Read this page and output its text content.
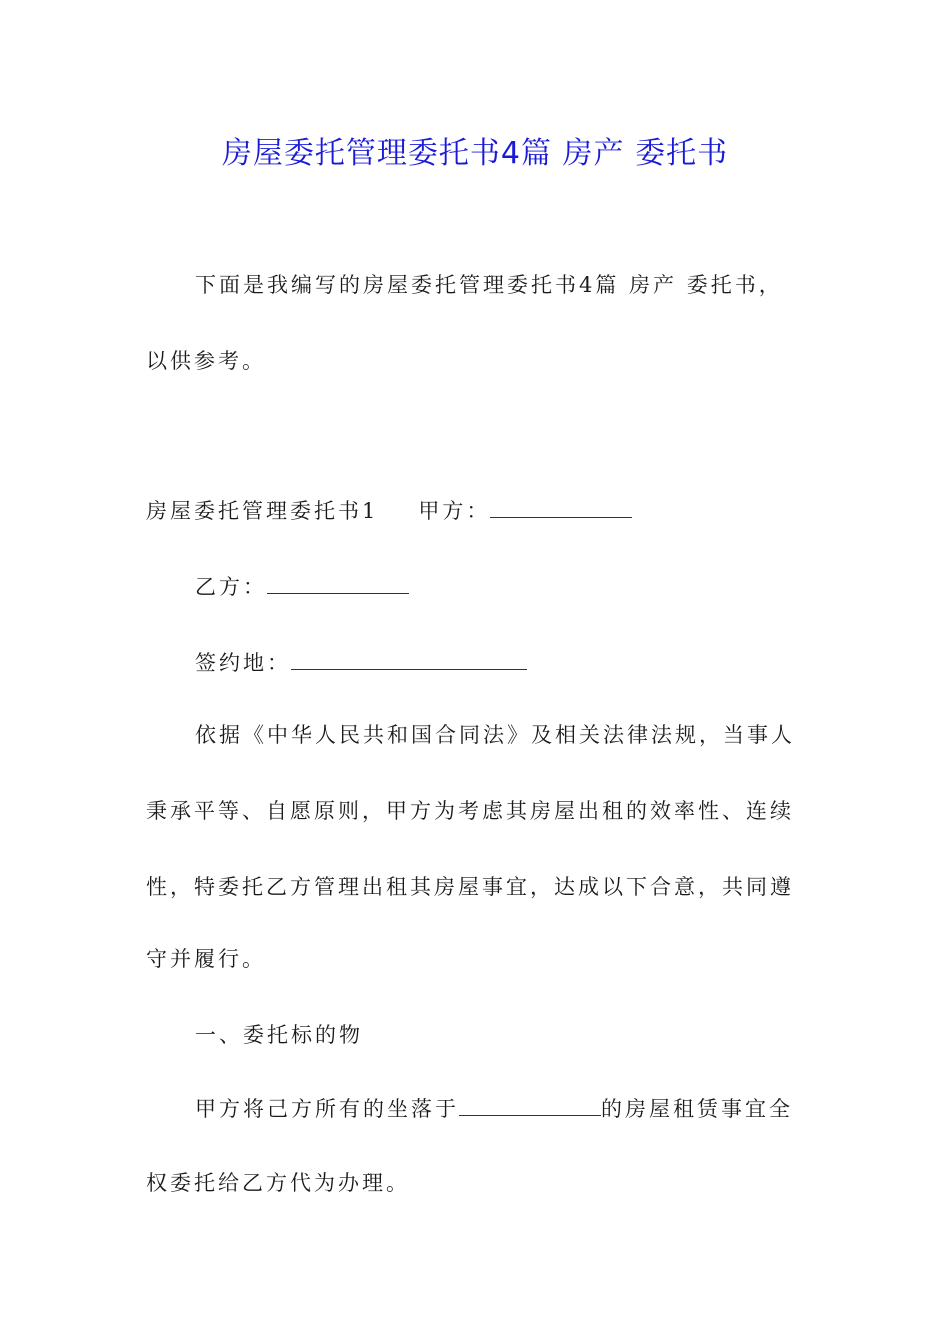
房屋委托管理委托书4篇 房产 委托书
下面是我编写的房屋委托管理委托书4篇 房产 委托书，
以供参考。
房屋委托管理委托书1 甲方：
乙方：
签约地：
依据《中华人民共和国合同法》及相关法律法规，当事人
秉承平等、自愿原则，甲方为考虑其房屋出租的效率性、连续
性，特委托乙方管理出租其房屋事宜，达成以下合意，共同遵
守并履行。
一、委托标的物
甲方将己方所有的坐落于	的房屋租赁事宜全
权委托给乙方代为办理。
